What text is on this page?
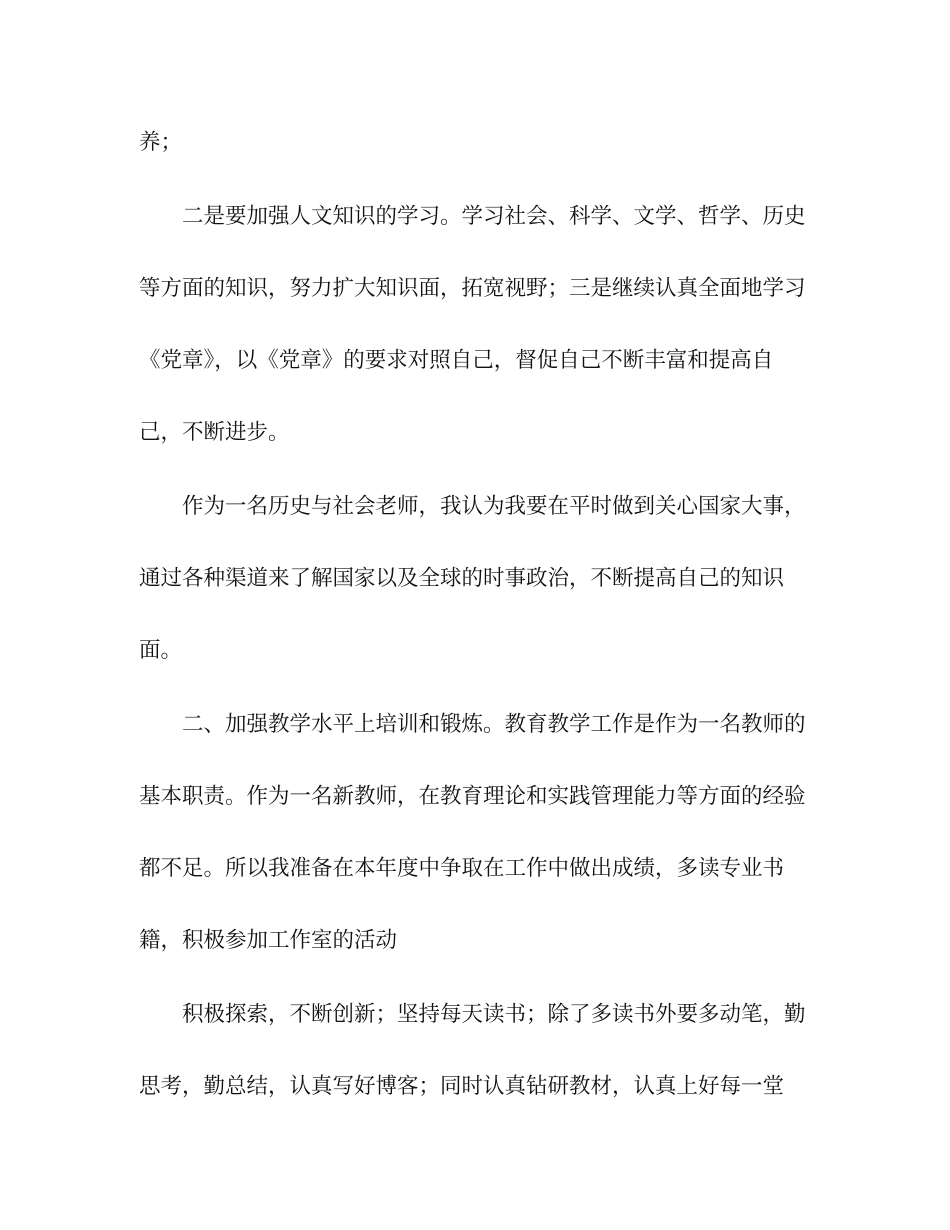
养；

二是要加强人文知识的学习。学习社会、科学、文学、哲学、历史

等方面的知识，努力扩大知识面，拓宽视野；三是继续认真全面地学习

《党章》，以《党章》的要求对照自己，督促自己不断丰富和提高自

己，不断进步。

作为一名历史与社会老师，我认为我要在平时做到关心国家大事，

通过各种渠道来了解国家以及全球的时事政治，不断提高自己的知识

面。

二、加强教学水平上培训和锻炼。教育教学工作是作为一名教师的

基本职责。作为一名新教师，在教育理论和实践管理能力等方面的经验

都不足。所以我准备在本年度中争取在工作中做出成绩，多读专业书

籍，积极参加工作室的活动

积极探索，不断创新；坚持每天读书；除了多读书外要多动笔，勤

思考，勤总结，认真写好博客；同时认真钻研教材，认真上好每一堂
